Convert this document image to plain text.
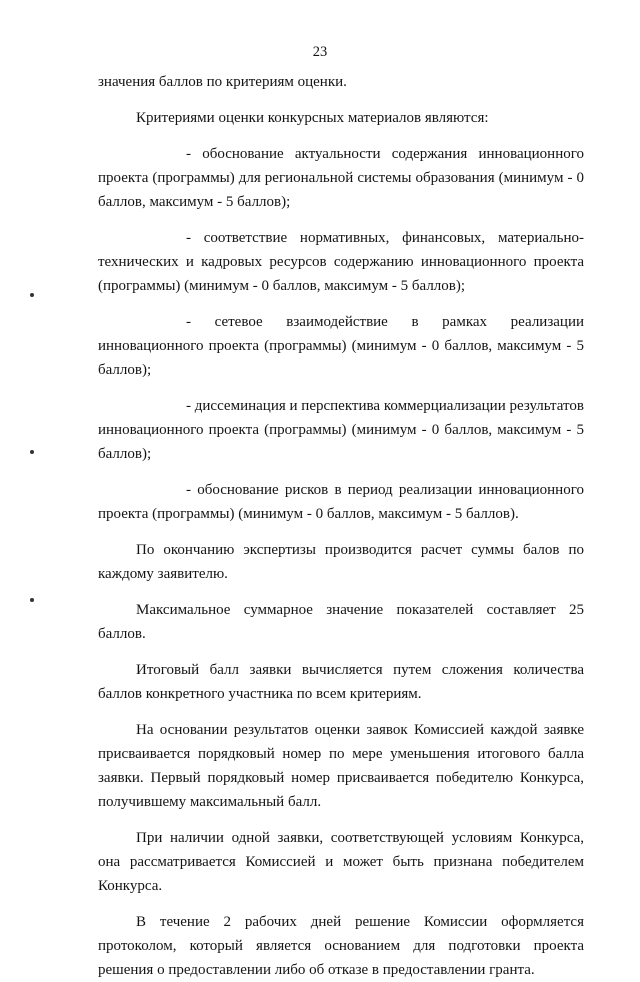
23

значения баллов по критериям оценки.

Критериями оценки конкурсных материалов являются:

- обоснование актуальности содержания инновационного проекта (программы) для региональной системы образования (минимум - 0 баллов, максимум - 5 баллов);

- соответствие нормативных, финансовых, материально-технических и кадровых ресурсов содержанию инновационного проекта (программы) (минимум - 0 баллов, максимум - 5 баллов);

- сетевое взаимодействие в рамках реализации инновационного проекта (программы) (минимум - 0 баллов, максимум - 5 баллов);

- диссеминация и перспектива коммерциализации результатов инновационного проекта (программы) (минимум - 0 баллов, максимум - 5 баллов);

- обоснование рисков в период реализации инновационного проекта (программы) (минимум - 0 баллов, максимум - 5 баллов).

По окончанию экспертизы производится расчет суммы балов по каждому заявителю.

Максимальное суммарное значение показателей составляет 25 баллов.

Итоговый балл заявки вычисляется путем сложения количества баллов конкретного участника по всем критериям.

На основании результатов оценки заявок Комиссией каждой заявке присваивается порядковый номер по мере уменьшения итогового балла заявки. Первый порядковый номер присваивается победителю Конкурса, получившему максимальный балл.

При наличии одной заявки, соответствующей условиям Конкурса, она рассматривается Комиссией и может быть признана победителем Конкурса.

В течение 2 рабочих дней решение Комиссии оформляется протоколом, который является основанием для подготовки проекта решения о предоставлении либо об отказе в предоставлении гранта.
